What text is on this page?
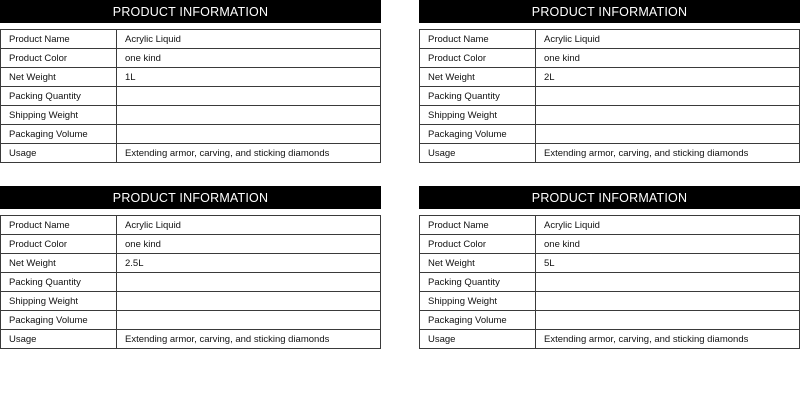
PRODUCT INFORMATION
Product Name	Acrylic Liquid
Product Color	one kind
Net Weight	1L
Packing Quantity	
Shipping Weight	
Packaging Volume	
Usage	Extending armor, carving, and sticking diamonds
PRODUCT INFORMATION
Product Name	Acrylic Liquid
Product Color	one kind
Net Weight	2L
Packing Quantity	
Shipping Weight	
Packaging Volume	
Usage	Extending armor, carving, and sticking diamonds
PRODUCT INFORMATION
Product Name	Acrylic Liquid
Product Color	one kind
Net Weight	2.5L
Packing Quantity	
Shipping Weight	
Packaging Volume	
Usage	Extending armor, carving, and sticking diamonds
PRODUCT INFORMATION
Product Name	Acrylic Liquid
Product Color	one kind
Net Weight	5L
Packing Quantity	
Shipping Weight	
Packaging Volume	
Usage	Extending armor, carving, and sticking diamonds
